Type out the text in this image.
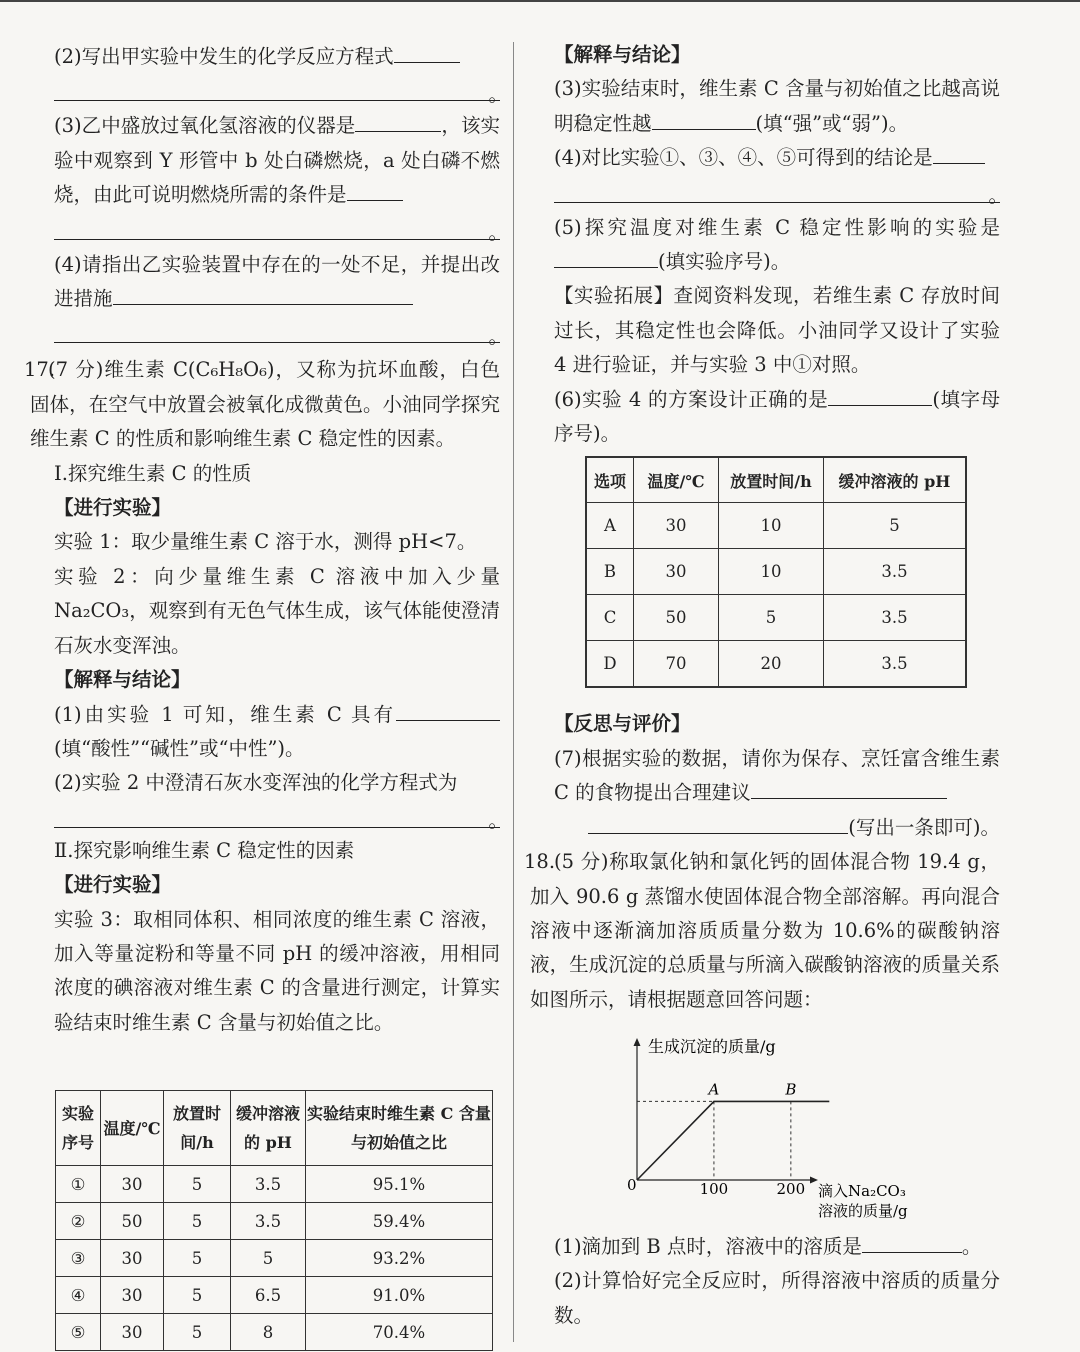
(2)写出甲实验中发生的化学反应方程式

。

(3)乙中盛放过氧化氢溶液的仪器是	，该实验中观察到 Y 形管中 b 处白磷燃烧，a 处白磷不燃烧，由此可说明燃烧所需的条件是

。

(4)请指出乙实验装置中存在的一处不足，并提出改进措施

。

17.(7 分)维生素 C(C₆H₈O₆)，又称为抗坏血酸，白色固体，在空气中放置会被氧化成微黄色。小油同学探究维生素 C 的性质和影响维生素 C 稳定性的因素。

Ⅰ.探究维生素 C 的性质

【进行实验】

实验 1：取少量维生素 C 溶于水，测得 pH<7。

实验 2：向少量维生素 C 溶液中加入少量 Na₂CO₃，观察到有无色气体生成，该气体能使澄清石灰水变浑浊。

【解释与结论】

(1)由实验 1 可知，维生素 C 具有(填“酸性”“碱性”或“中性”)。

(2)实验 2 中澄清石灰水变浑浊的化学方程式为

。

Ⅱ.探究影响维生素 C 稳定性的因素

【进行实验】

实验 3：取相同体积、相同浓度的维生素 C 溶液，加入等量淀粉和等量不同 pH 的缓冲溶液，用相同浓度的碘溶液对维生素 C 的含量进行测定，计算实验结束时维生素 C 含量与初始值之比。

实验序号	温度/℃	放置时间/h	缓冲溶液的 pH	实验结束时维生素 C 含量与初始值之比
①	30	5	3.5	95.1%
②	50	5	3.5	59.4%
③	30	5	5	93.2%
④	30	5	6.5	91.0%
⑤	30	5	8	70.4%

【解释与结论】

(3)实验结束时，维生素 C 含量与初始值之比越高说明稳定性越	(填“强”或“弱”)。

(4)对比实验①、③、④、⑤可得到的结论是

。

(5)探究温度对维生素 C 稳定性影响的实验是(填实验序号)。

【实验拓展】查阅资料发现，若维生素 C 存放时间过长，其稳定性也会降低。小油同学又设计了实验 4 进行验证，并与实验 3 中①对照。

(6)实验 4 的方案设计正确的是	(填字母序号)。

【反思与评价】

(7)根据实验的数据，请你为保存、烹饪富含维生素 C 的食物提出合理建议

(写出一条即可)。

18.(5 分)称取氯化钠和氯化钙的固体混合物 19.4 g，加入 90.6 g 蒸馏水使固体混合物全部溶解。再向混合溶液中逐渐滴加溶质质量分数为 10.6%的碳酸钠溶液，生成沉淀的总质量与所滴入碳酸钠溶液的质量关系如图所示，请根据题意回答问题：

选项	温度/℃	放置时间/h	缓冲溶液的 pH
A	30	10	5
B	30	10	3.5
C	50	5	3.5
D	70	20	3.5
生成沉淀的质量/g
0	100	200 滴入Na₂CO₃
溶液的质量/g
A	B

(1)滴加到 B 点时，溶液中的溶质是	。

(2)计算恰好完全反应时，所得溶液中溶质的质量分数。
